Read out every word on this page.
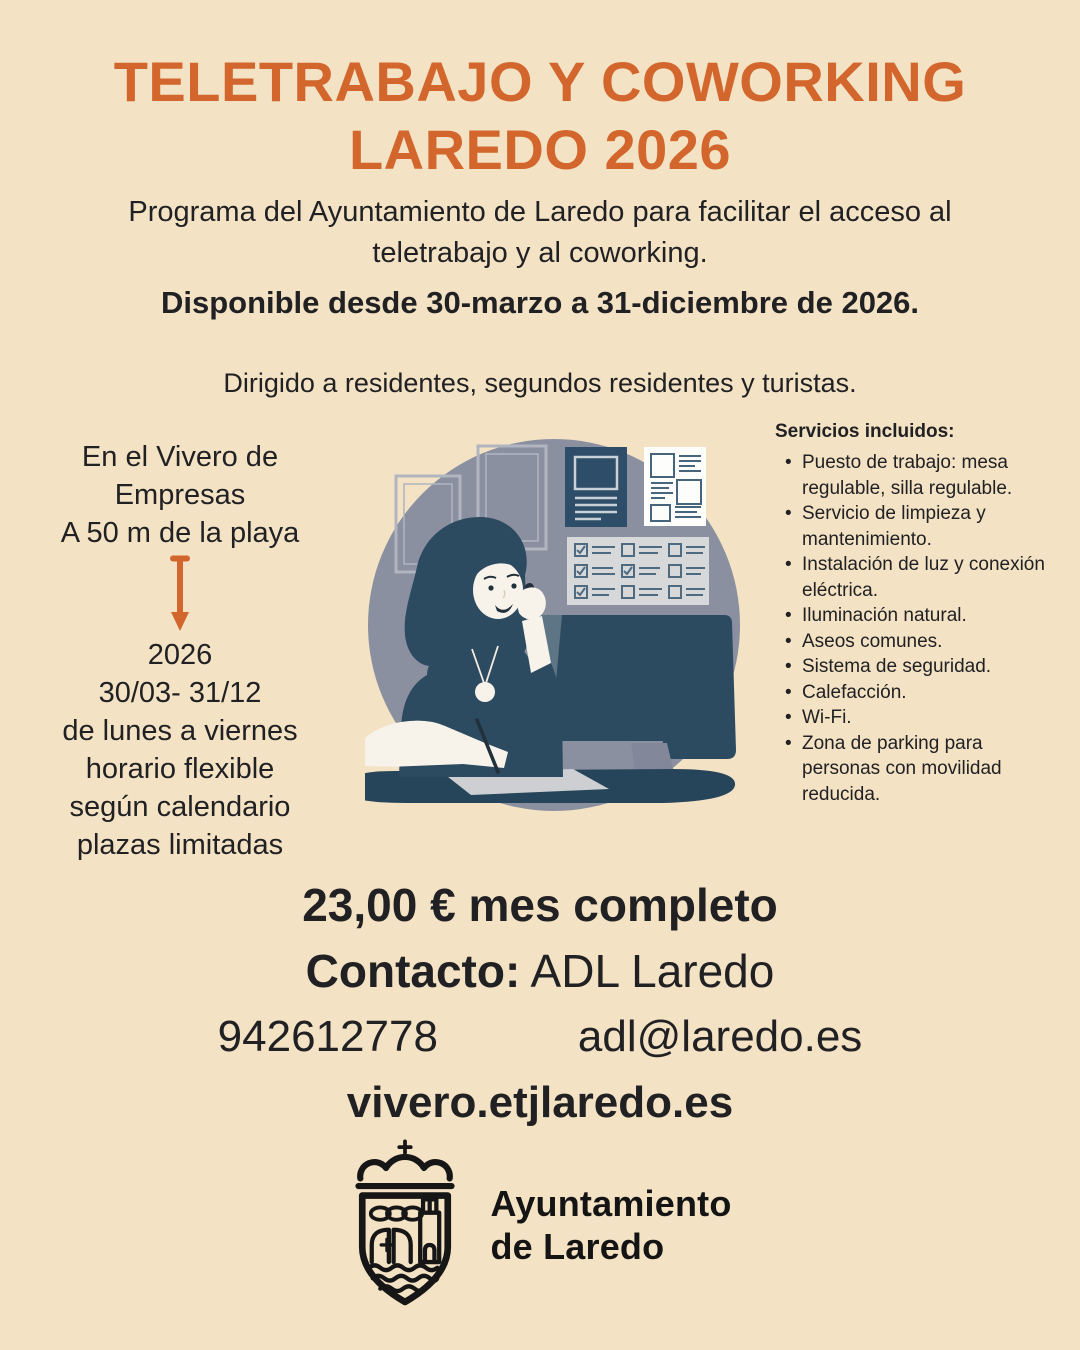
TELETRABAJO Y COWORKING
LAREDO 2026

Programa del Ayuntamiento de Laredo para facilitar el acceso al
teletrabajo y al coworking.

Disponible desde 30-marzo a 31-diciembre de 2026.

Dirigido a residentes, segundos residentes y turistas.

En el Vivero de
Empresas
A 50 m de la playa
2026
30/03- 31/12
de lunes a viernes
horario flexible
según calendario
plazas limitadas
Servicios incluidos:
• Puesto de trabajo: mesa regulable, silla regulable.
• Servicio de limpieza y mantenimiento.
• Instalación de luz y conexión eléctrica.
• Iluminación natural.
• Aseos comunes.
• Sistema de seguridad.
• Calefacción.
• Wi-Fi.
• Zona de parking para personas con movilidad reducida.
23,00 € mes completo
Contacto: ADL Laredo
942612778	adl@laredo.es
vivero.etjlaredo.es
Ayuntamiento
de Laredo
